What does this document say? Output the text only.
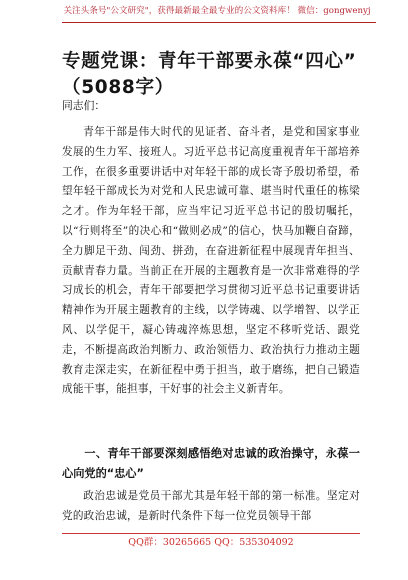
关注头条号"公文研究"，获得最新最全最专业的公文资料库！ 微信：gongwenyj
专题党课：青年干部要永葆“四心”
（5088字）
同志们：
青年干部是伟大时代的见证者、奋斗者，是党和国家事业发展的生力军、接班人。习近平总书记高度重视青年干部培养工作，在很多重要讲话中对年轻干部的成长寄予殷切希望，希望年轻干部成长为对党和人民忠诚可靠、堪当时代重任的栋梁之才。作为年轻干部，应当牢记习近平总书记的殷切嘱托，以“行则将至”的决心和“做则必成”的信心，快马加鞭自奋蹄，全力脚足干劲、闯劲、拼劲，在奋进新征程中展现青年担当、贡献青春力量。当前正在开展的主题教育是一次非常难得的学习成长的机会，青年干部要把学习贯彻习近平总书记重要讲话精神作为开展主题教育的主线，以学铸魂、以学增智、以学正风、以学促干，凝心铸魂淬炼思想，坚定不移听党话、跟党走，不断提高政治判断力、政治领悟力、政治执行力推动主题教育走深走实，在新征程中勇于担当，敢于磨练，把自己锻造成能干事，能担事，干好事的社会主义新青年。
一、青年干部要深刻感悟绝对忠诚的政治操守，永葆一心向党的“忠心”
政治忠诚是党员干部尤其是年轻干部的第一标准。坚定对党的政治忠诚，是新时代条件下每一位党员领导干部
QQ群：30265665 QQ：535304092
